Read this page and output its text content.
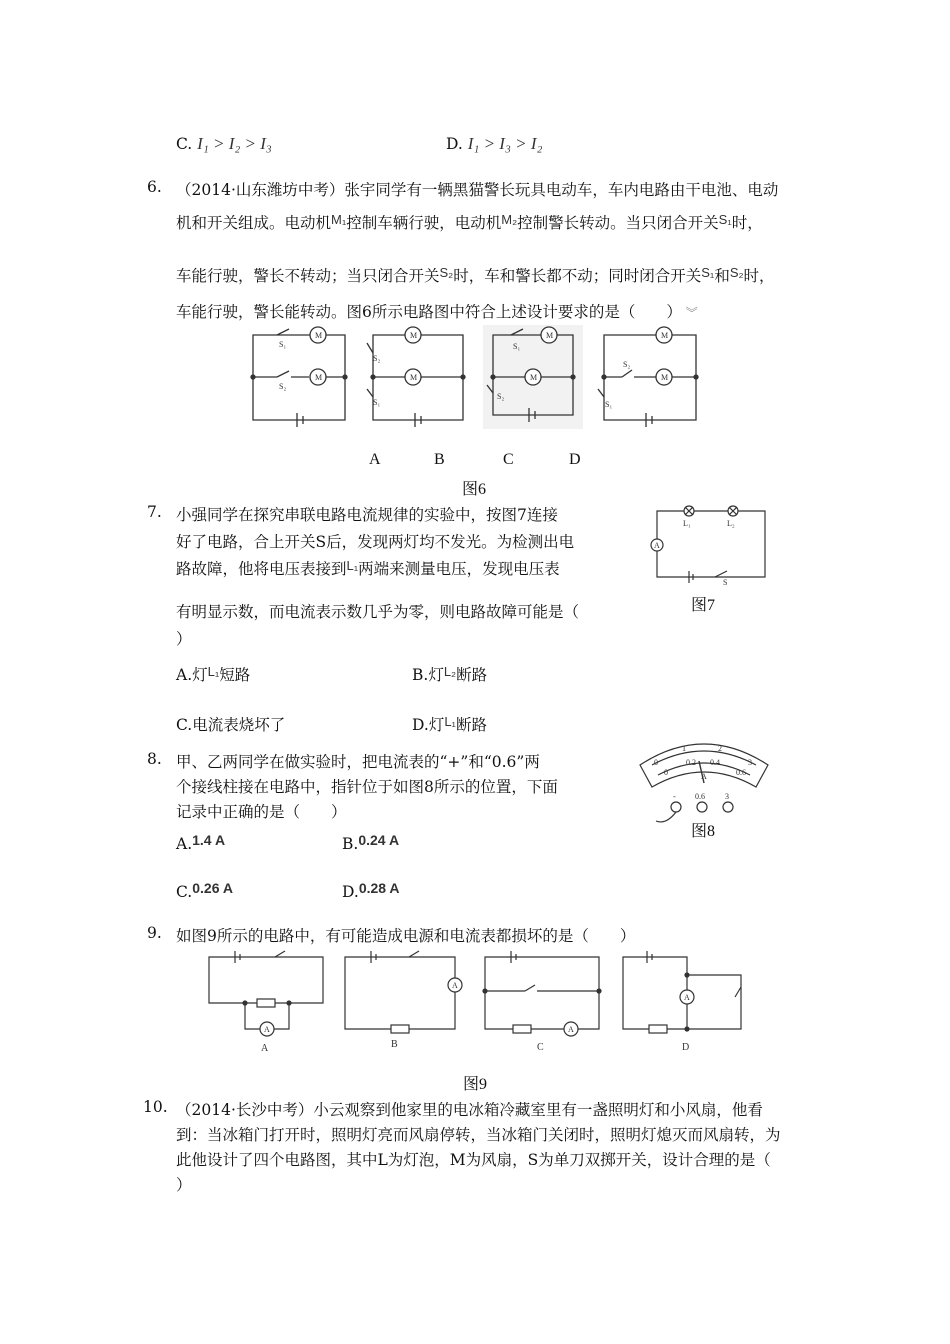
C. I₁ > I₂ > I₃	D. I₁ > I₃ > I₂
6. （2014·山东潍坊中考）张宇同学有一辆黑猫警长玩具电动车，车内电路由干电池、电动
机和开关组成。电动机$^{M_1}$控制车辆行驶，电动机$^{M_2}$控制警长转动。当只闭合开关$^{S_1}$时，
车能行驶，警长不转动；当只闭合开关$^{S_2}$时，车和警长都不动；同时闭合开关$^{S_1}$和$^{S_2}$时，
车能行驶，警长能转动。图6所示电路图中符合上述设计要求的是（　　） ︾
M
M
S₁
S₂
M
M
S₂
S₁
M
M
S₁
S₂
M
M
S₂
S₁
A	B	C	D
图6
7. 小强同学在探究串联电路电流规律的实验中，按图7连接
好了电路，合上开关S后，发现两灯均不发光。为检测出电
路故障，他将电压表接到$^{L_1}$两端来测量电压，发现电压表
有明显示数，而电流表示数几乎为零，则电路故障可能是（
）
A
L₁	L₂
S
图7
A.灯$^{L_1}$短路	B.灯$^{L_2}$断路
C.电流表烧坏了	D.灯$^{L_1}$断路
8. 甲、乙两同学在做实验时，把电流表的“+”和“0.6”两
个接线柱接在电路中，指针位于如图8所示的位置，下面
记录中正确的是（　　）
0
1	2
3
0
0.2 0.4
0.6
A
- 0.6	3
图8
A.1.4 A	B.0.24 A
C.0.26 A	D.0.28 A
9. 如图9所示的电路中，有可能造成电源和电流表都损坏的是（　　）
A
A
A
A
A	B	C	D
图9
10. （2014·长沙中考）小云观察到他家里的电冰箱冷藏室里有一盏照明灯和小风扇，他看
到：当冰箱门打开时，照明灯亮而风扇停转，当冰箱门关闭时，照明灯熄灭而风扇转，为
此他设计了四个电路图，其中L为灯泡，M为风扇，S为单刀双掷开关，设计合理的是（
）
